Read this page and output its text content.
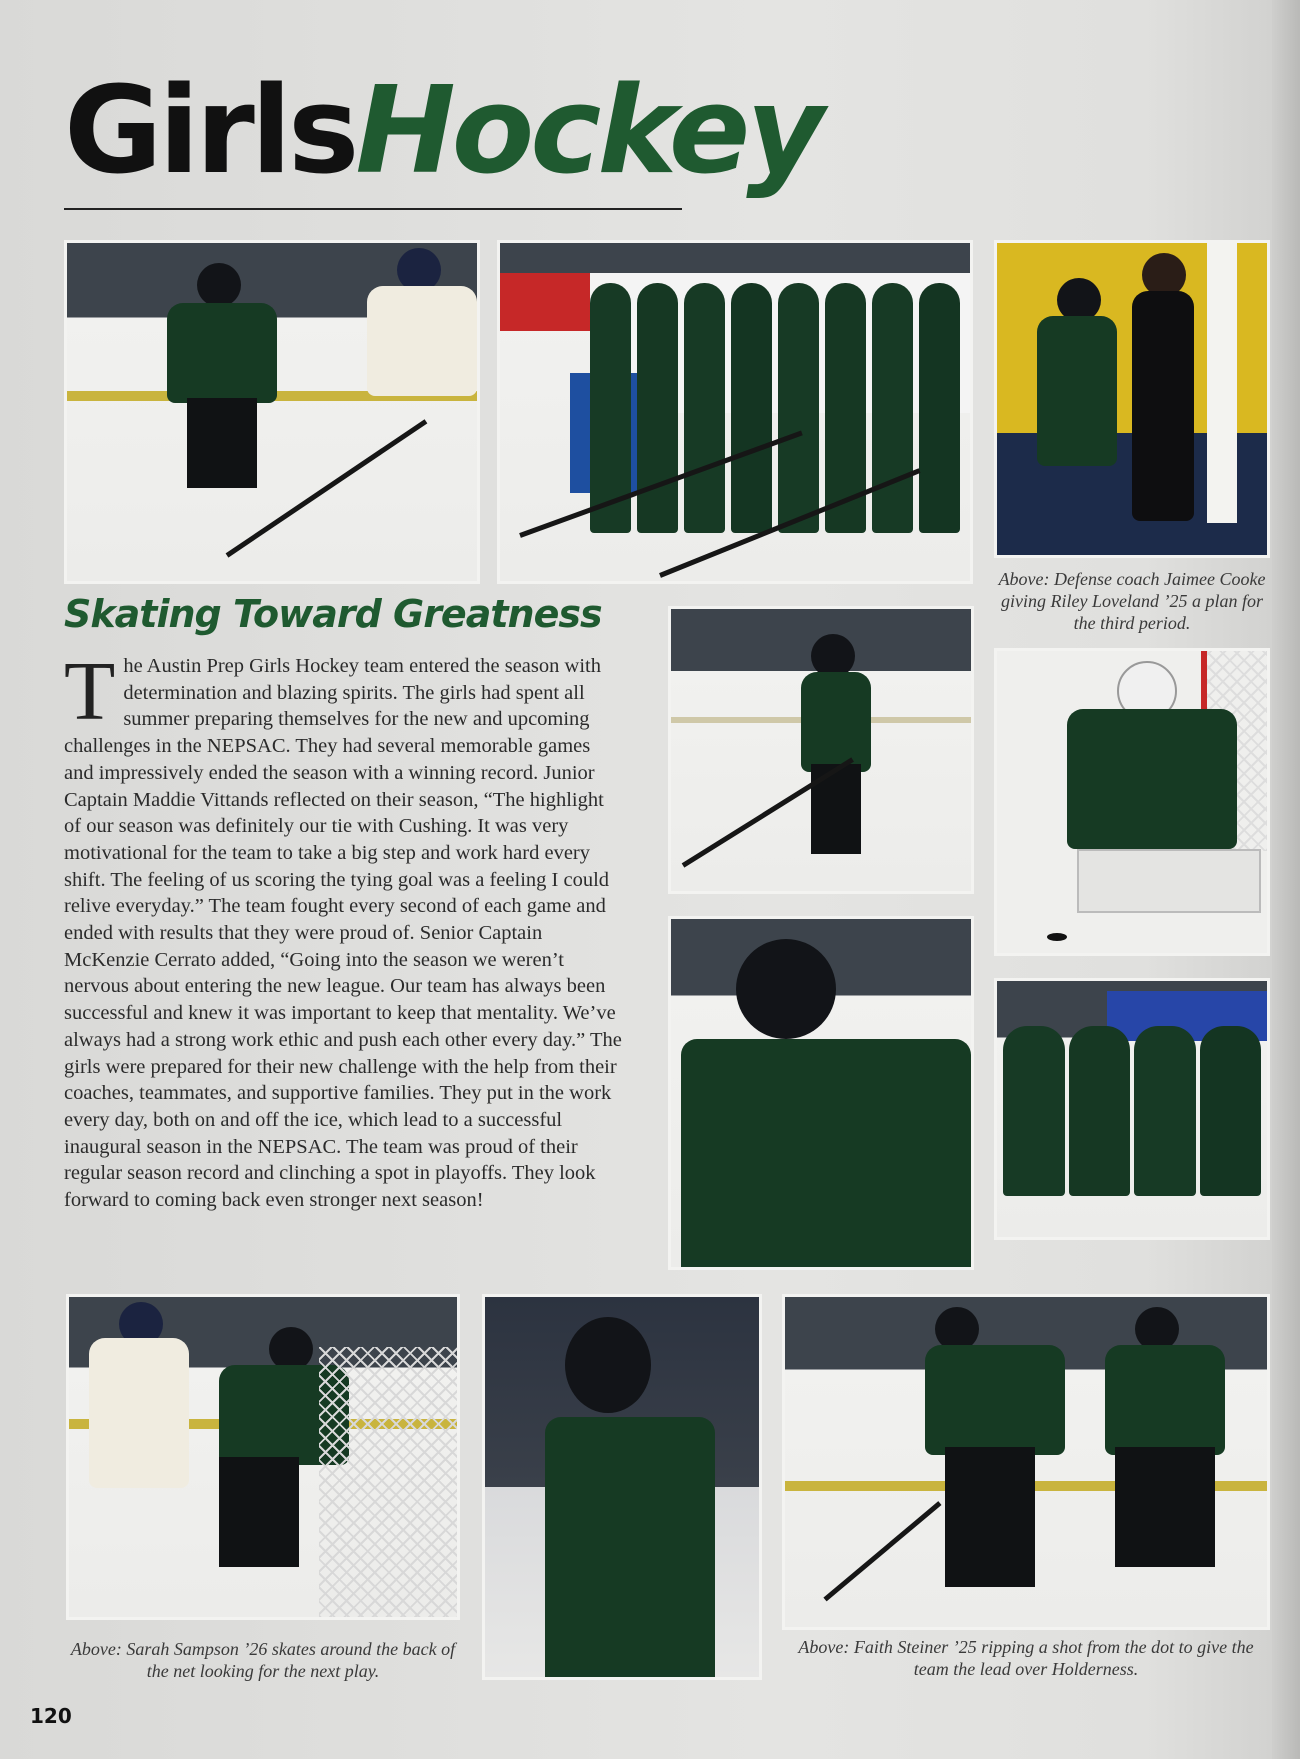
GirlsHockey
Above: Defense coach Jaimee Cooke giving Riley Loveland ’25 a plan for the third period.
Skating Toward Greatness
The Austin Prep Girls Hockey team entered the season with determination and blazing spirits. The girls had spent all summer preparing themselves for the new and upcoming challenges in the NEPSAC. They had several memorable games and impressively ended the season with a winning record. Junior Captain Maddie Vittands reflected on their season, “The highlight of our season was definitely our tie with Cushing. It was very motivational for the team to take a big step and work hard every shift. The feeling of us scoring the tying goal was a feeling I could relive everyday.” The team fought every second of each game and ended with results that they were proud of. Senior Captain McKenzie Cerrato added, “Going into the season we weren’t nervous about entering the new league. Our team has always been successful and knew it was important to keep that mentality. We’ve always had a strong work ethic and push each other every day.” The girls were prepared for their new challenge with the help from their coaches, teammates, and supportive families. They put in the work every day, both on and off the ice, which lead to a successful inaugural season in the NEPSAC. The team was proud of their regular season record and clinching a spot in playoffs. They look forward to coming back even stronger next season!
Above: Sarah Sampson ’26 skates around the back of the net looking for the next play.
Above: Faith Steiner ’25 ripping a shot from the dot to give the team the lead over Holderness.
120
